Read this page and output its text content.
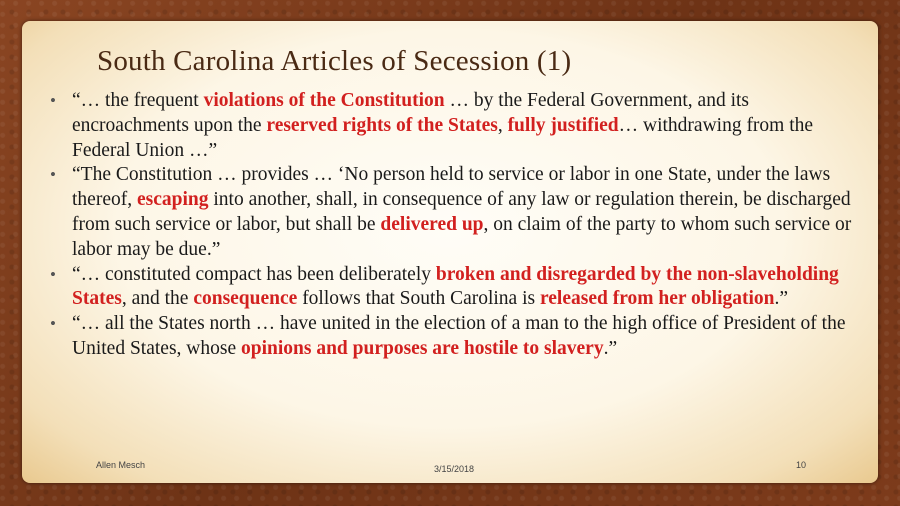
South Carolina Articles of Secession (1)
• “… the frequent violations of the Constitution … by the Federal Government, and its encroachments upon the reserved rights of the States, fully justified… withdrawing from the Federal Union …”
• “The Constitution … provides … ‘No person held to service or labor in one State, under the laws thereof, escaping into another, shall, in consequence of any law or regulation therein, be discharged from such service or labor, but shall be delivered up, on claim of the party to whom such service or labor may be due.”
• “… constituted compact has been deliberately broken and disregarded by the non-slaveholding States, and the consequence follows that South Carolina is released from her obligation.”
• “… all the States north … have united in the election of a man to the high office of President of the United States, whose opinions and purposes are hostile to slavery.”
Allen Mesch	3/15/2018	10
